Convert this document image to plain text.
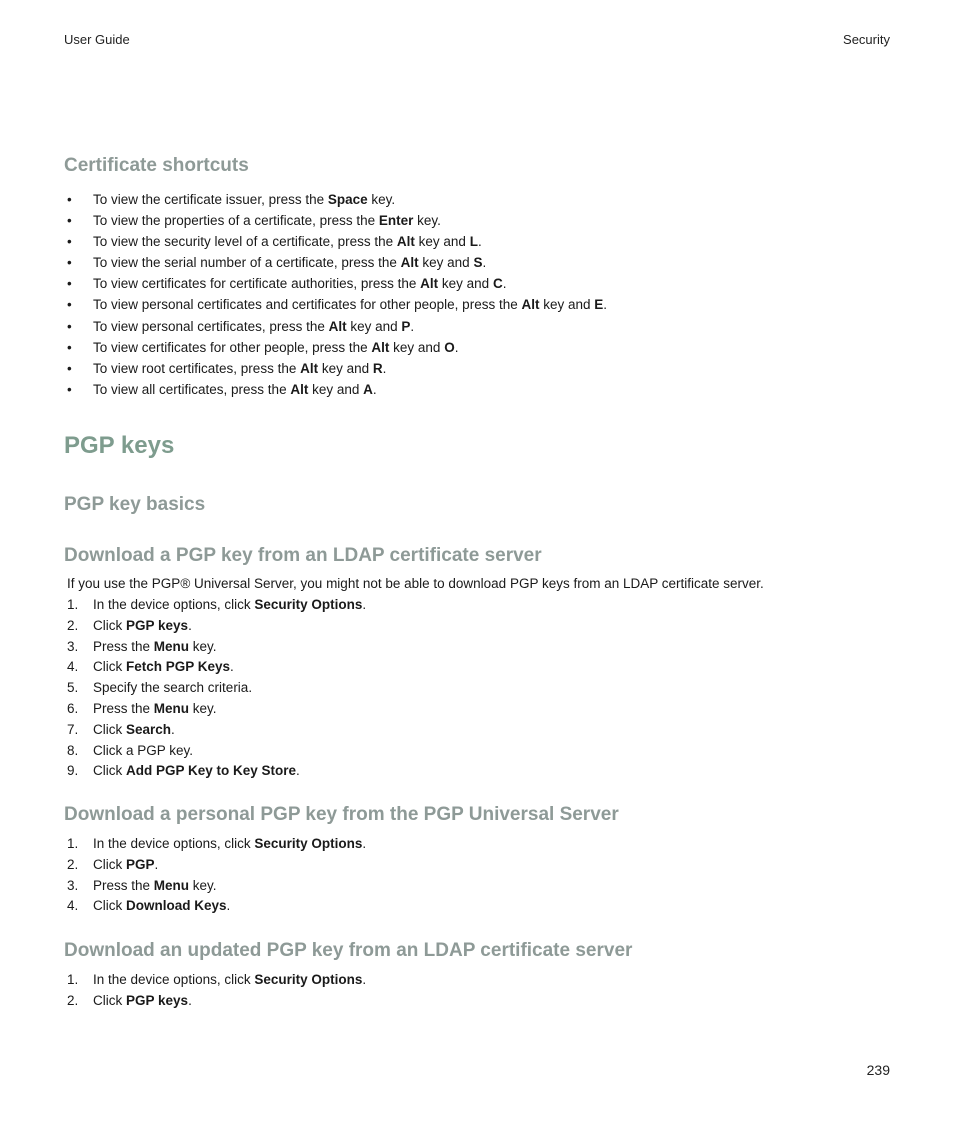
User Guide	Security
Certificate shortcuts
• To view the certificate issuer, press the Space key.
• To view the properties of a certificate, press the Enter key.
• To view the security level of a certificate, press the Alt key and L.
• To view the serial number of a certificate, press the Alt key and S.
• To view certificates for certificate authorities, press the Alt key and C.
• To view personal certificates and certificates for other people, press the Alt key and E.
• To view personal certificates, press the Alt key and P.
• To view certificates for other people, press the Alt key and O.
• To view root certificates, press the Alt key and R.
• To view all certificates, press the Alt key and A.
PGP keys
PGP key basics
Download a PGP key from an LDAP certificate server

If you use the PGP® Universal Server, you might not be able to download PGP keys from an LDAP certificate server.

1. In the device options, click Security Options.
2. Click PGP keys.
3. Press the Menu key.
4. Click Fetch PGP Keys.
5. Specify the search criteria.
6. Press the Menu key.
7. Click Search.
8. Click a PGP key.
9. Click Add PGP Key to Key Store.
Download a personal PGP key from the PGP Universal Server
1. In the device options, click Security Options.
2. Click PGP.
3. Press the Menu key.
4. Click Download Keys.
Download an updated PGP key from an LDAP certificate server
1. In the device options, click Security Options.
2. Click PGP keys.
239
